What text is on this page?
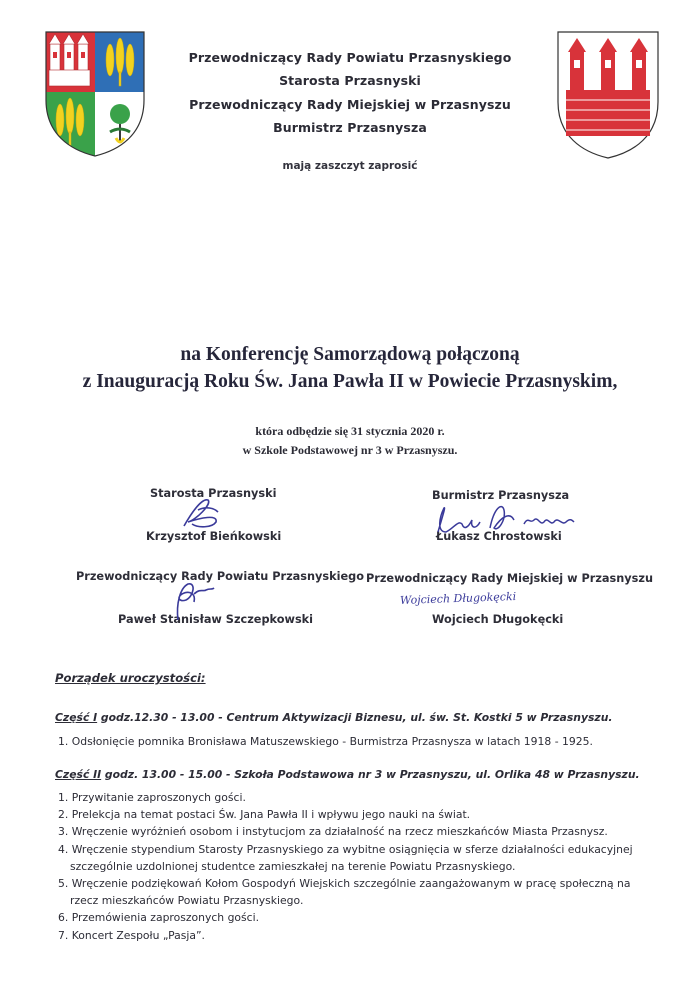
Przewodniczący Rady Powiatu Przasnyskiego
Starosta Przasnyski
Przewodniczący Rady Miejskiej w Przasnyszu
Burmistrz Przasnysza
mają zaszczyt zaprosić
na Konferencję Samorządową połączoną
z Inauguracją Roku Św. Jana Pawła II w Powiecie Przasnyskim,
która odbędzie się 31 stycznia 2020 r.
w Szkole Podstawowej nr 3 w Przasnyszu.
Starosta Przasnyski
Krzysztof Bieńkowski
Burmistrz Przasnysza
Łukasz Chrostowski
Przewodniczący Rady Powiatu Przasnyskiego
Paweł Stanisław Szczepkowski
Przewodniczący Rady Miejskiej w Przasnyszu
Wojciech Długokęcki
Wojciech Długokęcki
Porządek uroczystości:
Część I godz.12.30 - 13.00 - Centrum Aktywizacji Biznesu, ul. św. St. Kostki 5 w Przasnyszu.
1. Odsłonięcie pomnika Bronisława Matuszewskiego - Burmistrza Przasnysza w latach 1918 - 1925.
Część II godz. 13.00 - 15.00 - Szkoła Podstawowa nr 3 w Przasnyszu, ul. Orlika 48 w Przasnyszu.
1. Przywitanie zaproszonych gości.
2. Prelekcja na temat postaci Św. Jana Pawła II i wpływu jego nauki na świat.
3. Wręczenie wyróżnień osobom i instytucjom za działalność na rzecz mieszkańców Miasta Przasnysz.
4. Wręczenie stypendium Starosty Przasnyskiego za wybitne osiągnięcia w sferze działalności edukacyjnej
szczególnie uzdolnionej studentce zamieszkałej na terenie Powiatu Przasnyskiego.
5. Wręczenie podziękowań Kołom Gospodyń Wiejskich szczególnie zaangażowanym w pracę społeczną na
rzecz mieszkańców Powiatu Przasnyskiego.
6. Przemówienia zaproszonych gości.
7. Koncert Zespołu „Pasja”.
